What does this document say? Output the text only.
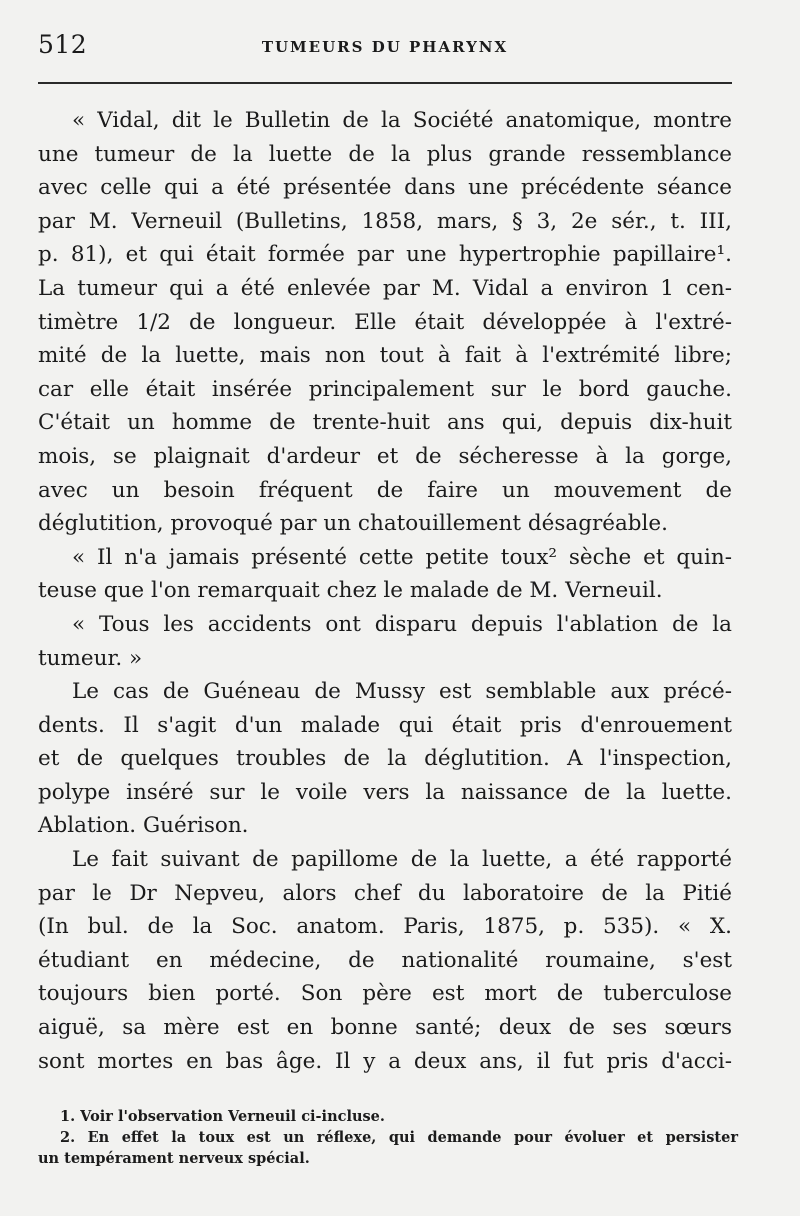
512	TUMEURS DU PHARYNX
« Vidal, dit le Bulletin de la Société anatomique, montre
une tumeur de la luette de la plus grande ressemblance
avec celle qui a été présentée dans une précédente séance
par M. Verneuil (Bulletins, 1858, mars, § 3, 2e sér., t. III,
p. 81), et qui était formée par une hypertrophie papillaire¹.
La tumeur qui a été enlevée par M. Vidal a environ 1 cen-
timètre 1/2 de longueur. Elle était développée à l'extré-
mité de la luette, mais non tout à fait à l'extrémité libre;
car elle était insérée principalement sur le bord gauche.
C'était un homme de trente-huit ans qui, depuis dix-huit
mois, se plaignait d'ardeur et de sécheresse à la gorge,
avec un besoin fréquent de faire un mouvement de
déglutition, provoqué par un chatouillement désagréable.
« Il n'a jamais présenté cette petite toux² sèche et quin-
teuse que l'on remarquait chez le malade de M. Verneuil.
« Tous les accidents ont disparu depuis l'ablation de la
tumeur. »
Le cas de Guéneau de Mussy est semblable aux précé-
dents. Il s'agit d'un malade qui était pris d'enrouement
et de quelques troubles de la déglutition. A l'inspection,
polype inséré sur le voile vers la naissance de la luette.
Ablation. Guérison.
Le fait suivant de papillome de la luette, a été rapporté
par le Dr Nepveu, alors chef du laboratoire de la Pitié
(In bul. de la Soc. anatom. Paris, 1875, p. 535). « X.
étudiant en médecine, de nationalité roumaine, s'est
toujours bien porté. Son père est mort de tuberculose
aiguë, sa mère est en bonne santé; deux de ses sœurs
sont mortes en bas âge. Il y a deux ans, il fut pris d'acci-
1. Voir l'observation Verneuil ci-incluse.
2. En effet la toux est un réflexe, qui demande pour évoluer et persister
un tempérament nerveux spécial.
